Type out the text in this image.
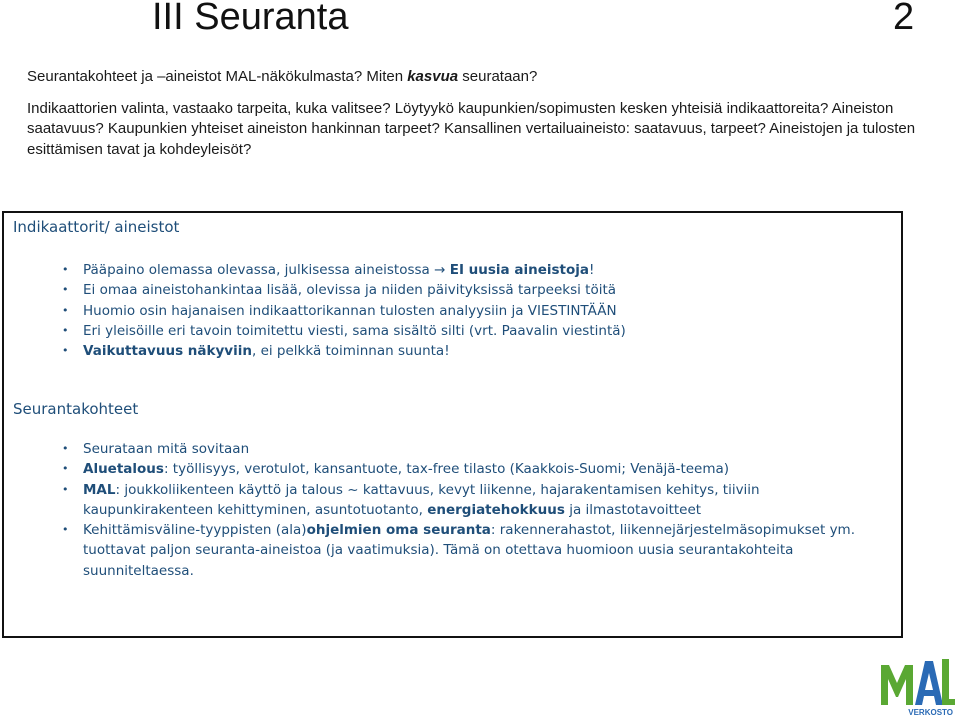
III Seuranta	2

Seurantakohteet ja –aineistot MAL-näkökulmasta? Miten kasvua seurataan?

Indikaattorien valinta, vastaako tarpeita, kuka valitsee? Löytyykö kaupunkien/sopimusten kesken yhteisiä indikaattoreita? Aineiston saatavuus? Kaupunkien yhteiset aineiston hankinnan tarpeet? Kansallinen vertailuaineisto: saatavuus, tarpeet? Aineistojen ja tulosten esittämisen tavat ja kohdeyleisöt?

Indikaattorit/ aineistot
• Pääpaino olemassa olevassa, julkisessa aineistossa → EI uusia aineistoja!
• Ei omaa aineistohankintaa lisää, olevissa ja niiden päivityksissä tarpeeksi töitä
• Huomio osin hajanaisen indikaattorikannan tulosten analyysiin ja VIESTINTÄÄN
• Eri yleisöille eri tavoin toimitettu viesti, sama sisältö silti (vrt. Paavalin viestintä)
• Vaikuttavuus näkyviin, ei pelkkä toiminnan suunta!
Seurantakohteet
• Seurataan mitä sovitaan
• Aluetalous: työllisyys, verotulot, kansantuote, tax-free tilasto (Kaakkois-Suomi; Venäjä-teema)
• MAL: joukkoliikenteen käyttö ja talous ~ kattavuus, kevyt liikenne, hajarakentamisen kehitys, tiiviin kaupunkirakenteen kehittyminen, asuntotuotanto, energiatehokkuus ja ilmastotavoitteet
• Kehittämisväline-tyyppisten (ala)ohjelmien oma seuranta: rakennerahastot, liikennejärjestelmäsopimukset ym. tuottavat paljon seuranta-aineistoa (ja vaatimuksia). Tämä on otettava huomioon uusia seurantakohteita suunniteltaessa.
VERKOSTO
